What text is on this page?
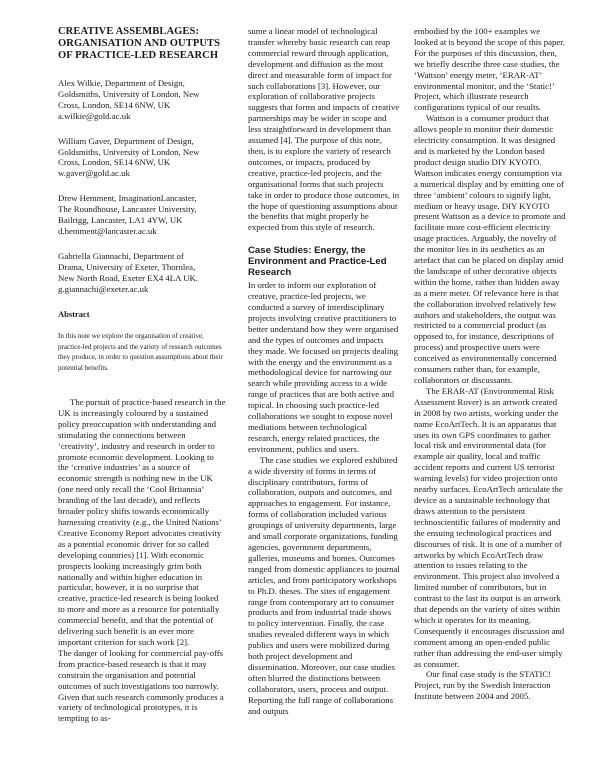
CREATIVE ASSEMBLAGES: ORGANISATION AND OUTPUTS OF PRACTICE-LED RESEARCH

Alex Wilkie, Department of Design,
Goldsmiths, University of London, New
Cross, London, SE14 6NW, UK
a.wilkie@gold.ac.uk

William Gaver, Department of Design,
Goldsmiths, University of London, New
Cross, London, SE14 6NW, UK
w.gaver@gold.ac.uk

Drew Hemment, ImaginationLancaster,
The Roundhouse, Lancaster University,
Bailrigg, Lancaster, LA1 4YW, UK
d.hemment@lancaster.ac.uk

Gabriella Giannachi, Department of
Drama, University of Exeter, Thornlea,
New North Road, Exeter EX4 4LA UK.
g.giannachi@exeter.ac.uk

Abstract

In this note we explore the organisation of creative, practice-led projects and the variety of research outcomes they produce, in order to question assumptions about their potential benefits.

The pursuit of practice-based research in the UK is increasingly coloured by a sustained policy preoccupation with understanding and stimulating the connections between ‘creativity’, industry and research in order to promote economic development. Looking to the ‘creative industries’ as a source of economic strength is nothing new in the UK (one need only recall the ‘Cool Britannia’ branding of the last decade), and reflects broader policy shifts towards economically harnessing creativity (e.g., the United Nations’ Creative Economy Report advocates creativity as a potential economic driver for so called developing countries) [1]. With economic prospects looking increasingly grim both nationally and within higher education in particular, however, it is no surprise that creative, practice-led research is being looked to more and more as a resource for potentially commercial benefit, and that the potential of delivering such benefit is an ever more important criterion for such work [2].

The danger of looking for commercial pay-offs from practice-based research is that it may constrain the organisation and potential outcomes of such investigations too narrowly. Given that such research commonly produces a variety of technological prototypes, it is tempting to as-

sume a linear model of technological transfer whereby basic research can reap commercial reward through application, development and diffusion as the most direct and measurable form of impact for such collaborations [3]. However, our exploration of collaborative projects suggests that forms and impacts of creative partnerships may be wider in scope and less straightforward in development than assumed [4]. The purpose of this note, then, is to explore the variety of research outcomes, or impacts, produced by creative, practice-led projects, and the organisational forms that such projects take in order to produce those outcomes, in the hope of questioning assumptions about the benefits that might properly be expected from this style of research.

Case Studies: Energy, the Environment and Practice-Led Research

In order to inform our exploration of creative, practice-led projects, we conducted a survey of interdisciplinary projects involving creative practitioners to better understand how they were organised and the types of outcomes and impacts they made. We focused on projects dealing with the energy and the environment as a methodological device for narrowing our search while providing access to a wide range of practices that are both active and topical. In choosing such practice-led collaborations we sought to expose novel mediations between technological research, energy related practices, the environment, publics and users.

The case studies we explored exhibited a wide diversity of forms in terms of disciplinary contributors, forms of collaboration, outputs and outcomes, and approaches to engagement. For instance, forms of collaboration included various groupings of university departments, large and small corporate organizations, funding agencies, government departments, galleries, museums and homes. Outcomes ranged from domestic appliances to journal articles, and from participatory workshops to Ph.D. theses. The sites of engagement range from contemporary art to consumer products and from industrial trade shows to policy intervention. Finally, the case studies revealed different ways in which publics and users were mobilized during both project development and dissemination. Moreover, our case studies often blurred the distinctions between collaborators, users, process and output. Reporting the full range of collaborations and outputs

embodied by the 100+ examples we looked at is beyond the scope of this paper. For the purposes of this discussion, then, we briefly describe three case studies, the ‘Wattson’ energy meter, ‘ERAR-AT’ environmental monitor, and the ‘Static!’ Project, which illustrate research configurations typical of our results.

Wattson is a consumer product that allows people to monitor their domestic electricity consumption. It was designed and is marketed by the London based product design studio DIY KYOTO. Wattson indicates energy consumption via a numerical display and by emitting one of three ‘ambient’ colours to signify light, medium or heavy usage. DIY KYOTO present Wattson as a device to promote and facilitate more cost-efficient electricity usage practices. Arguably, the novelty of the monitor lies in its aesthetics as an artefact that can be placed on display amid the landscape of other decorative objects within the home, rather than hidden away as a mere meter. Of relevance here is that the collaboration involved relatively few authors and stakeholders, the output was restricted to a commercial product (as opposed to, for instance, descriptions of process) and prospective users were conceived as environmentally concerned consumers rather than, for example, collaborators or discussants.

The ERAR-AT (Environmental Risk Assessment Rover) is an artwork created in 2008 by two artists, working under the name EcoArtTech. It is an apparatus that uses its own GPS coordinates to gather local risk and environmental data (for example air quality, local and traffic accident reports and current US terrorist warning levels) for video projection onto nearby surfaces. EcoArtTech articulate the device as a sustainable technology that draws attention to the persistent technoscientific failures of modernity and the ensuing technological practices and discourses of risk. It is one of a number of artworks by which EcoArtTech draw attention to issues relating to the environment. This project also involved a limited number of contributors, but in contrast to the last its output is an artwork that depends on the variety of sites within which it operates for its meaning. Consequently it encourages discussion and comment among an open-ended public rather than addressing the end-user simply as consumer.

Our final case study is the STATIC! Project, run by the Swedish Interaction Institute between 2004 and 2005.
